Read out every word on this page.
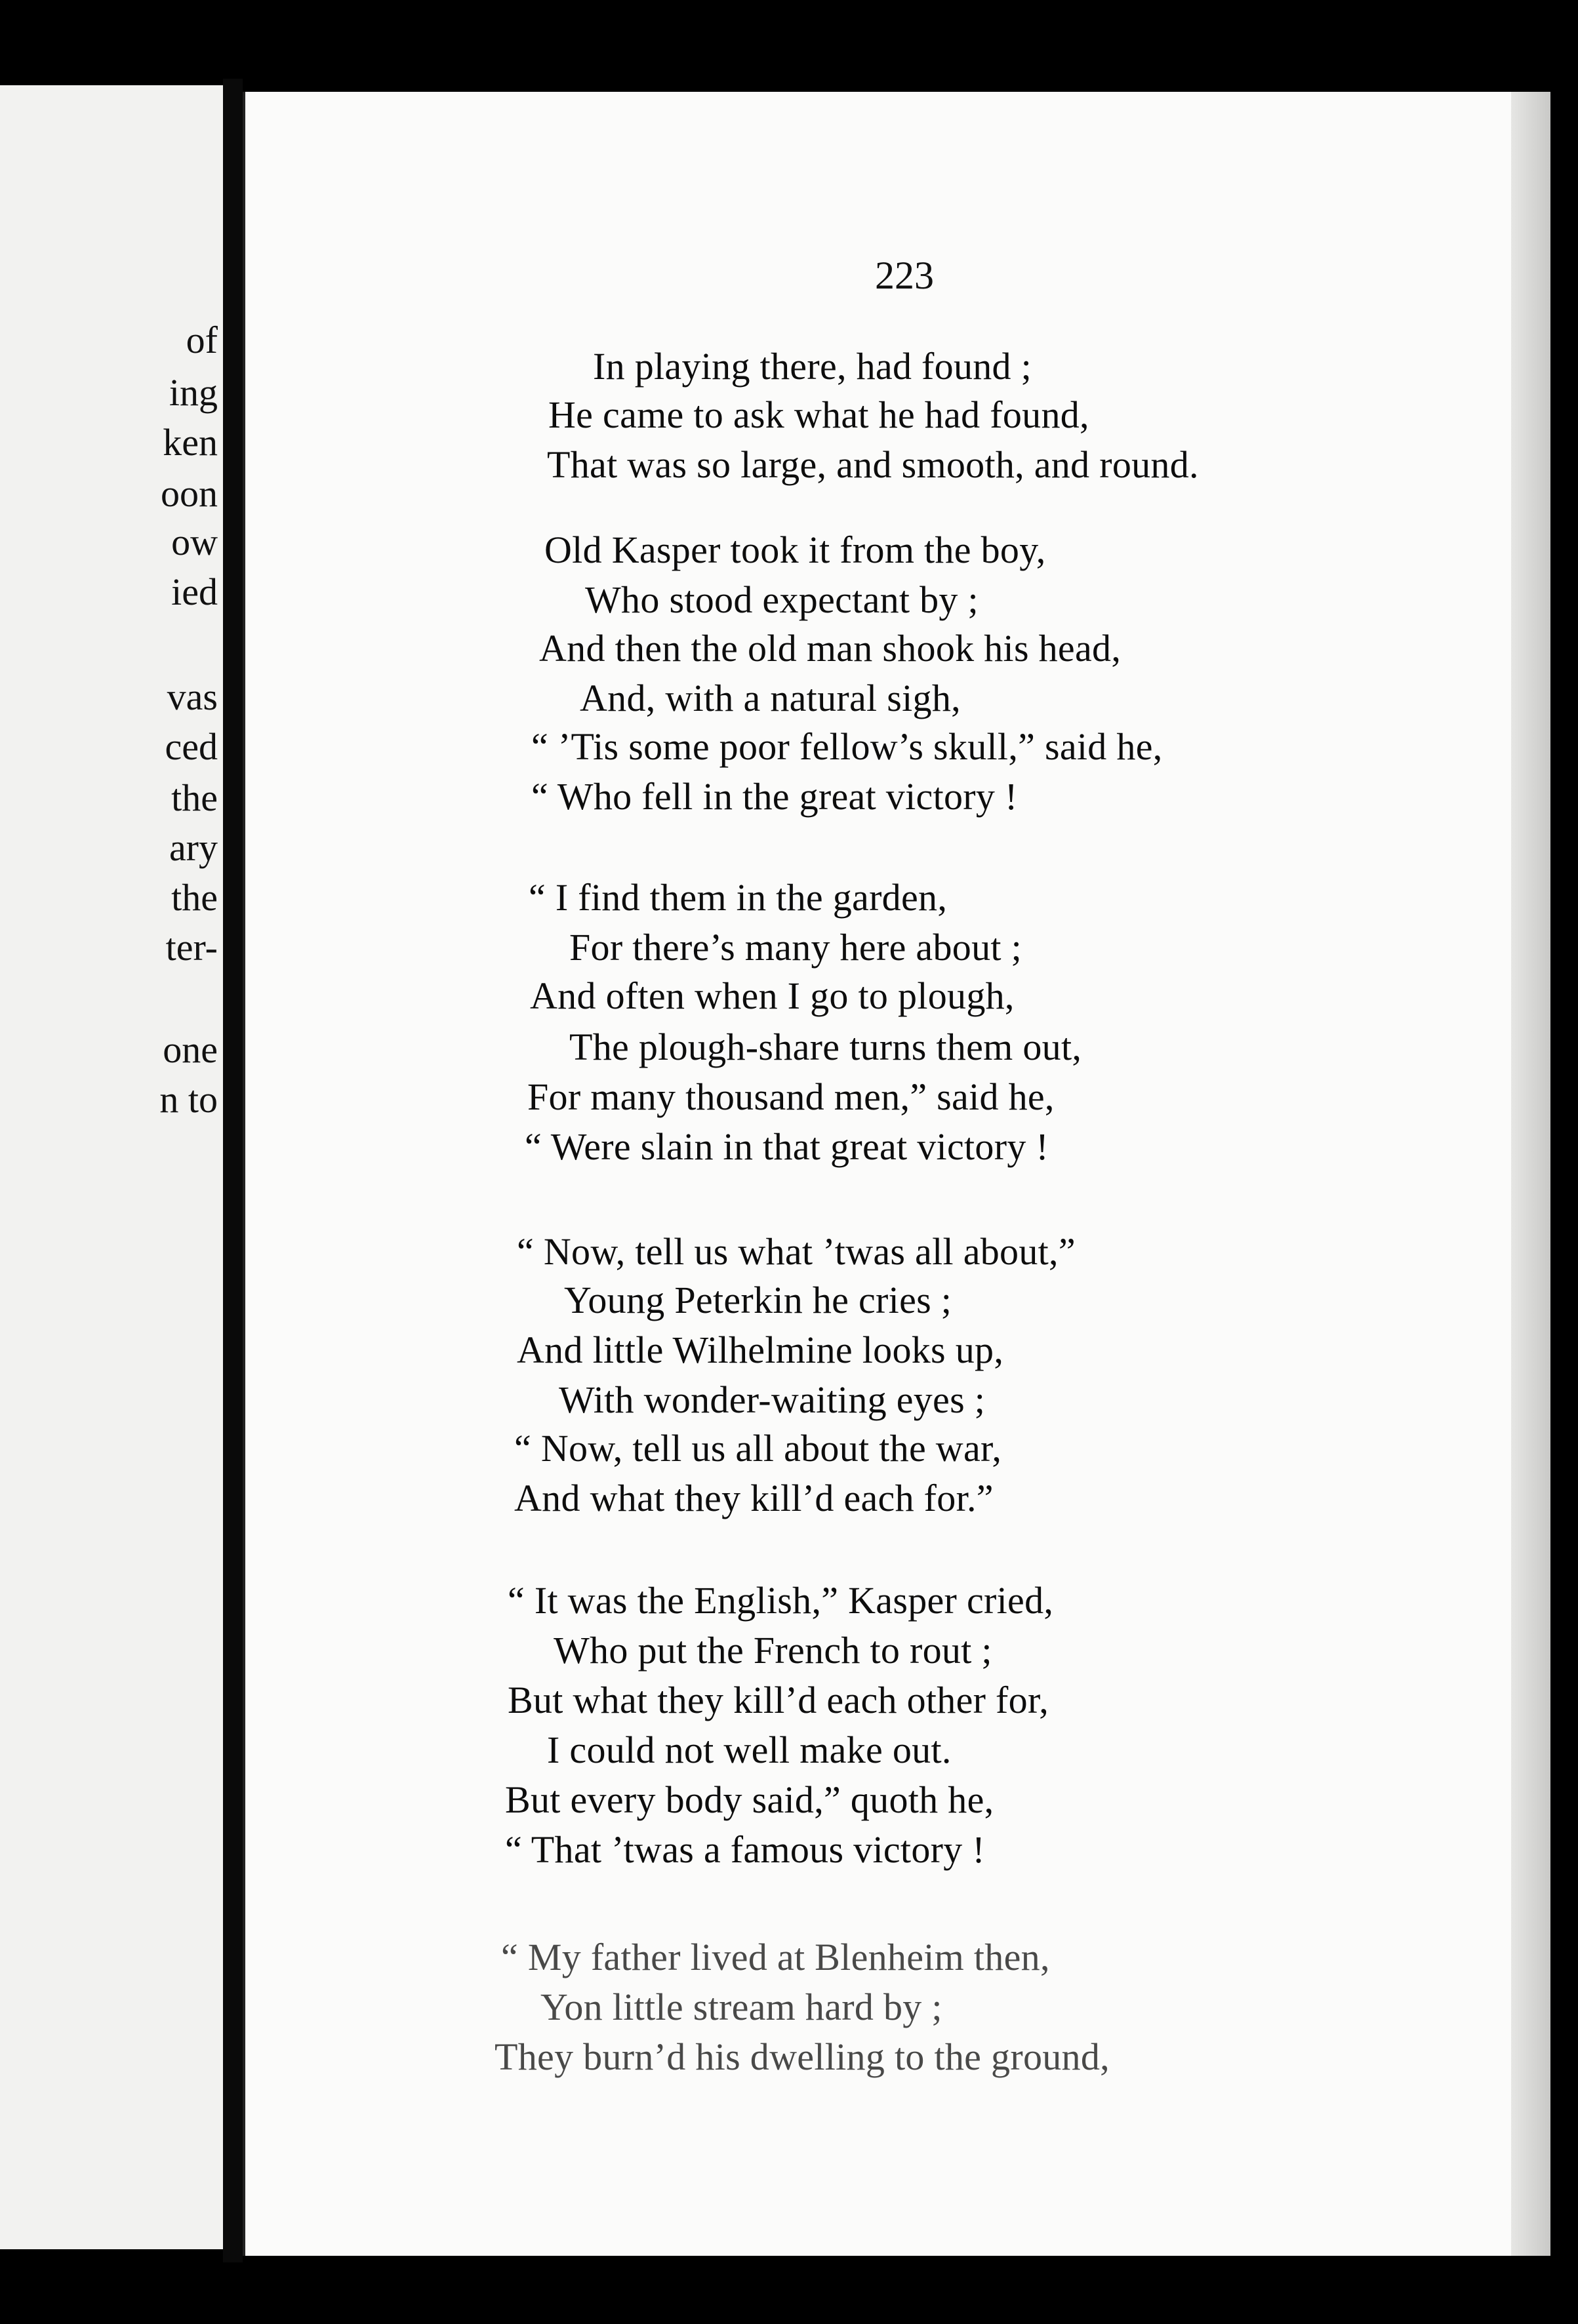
of
ing
ken
oon
ow
ied
vas
ced
the
ary
the
ter-
one
n to
223
In playing there, had found ;
He came to ask what he had found,
That was so large, and smooth, and round.
Old Kasper took it from the boy,
Who stood expectant by ;
And then the old man shook his head,
And, with a natural sigh,
“ ’Tis some poor fellow’s skull,” said he,
“ Who fell in the great victory !
“ I find them in the garden,
For there’s many here about ;
And often when I go to plough,
The plough-share turns them out,
For many thousand men,” said he,
“ Were slain in that great victory !
“ Now, tell us what ’twas all about,”
Young Peterkin he cries ;
And little Wilhelmine looks up,
With wonder-waiting eyes ;
“ Now, tell us all about the war,
And what they kill’d each for.”
“ It was the English,” Kasper cried,
Who put the French to rout ;
But what they kill’d each other for,
I could not well make out.
But every body said,” quoth he,
“ That ’twas a famous victory !
“ My father lived at Blenheim then,
Yon little stream hard by ;
They burn’d his dwelling to the ground,
